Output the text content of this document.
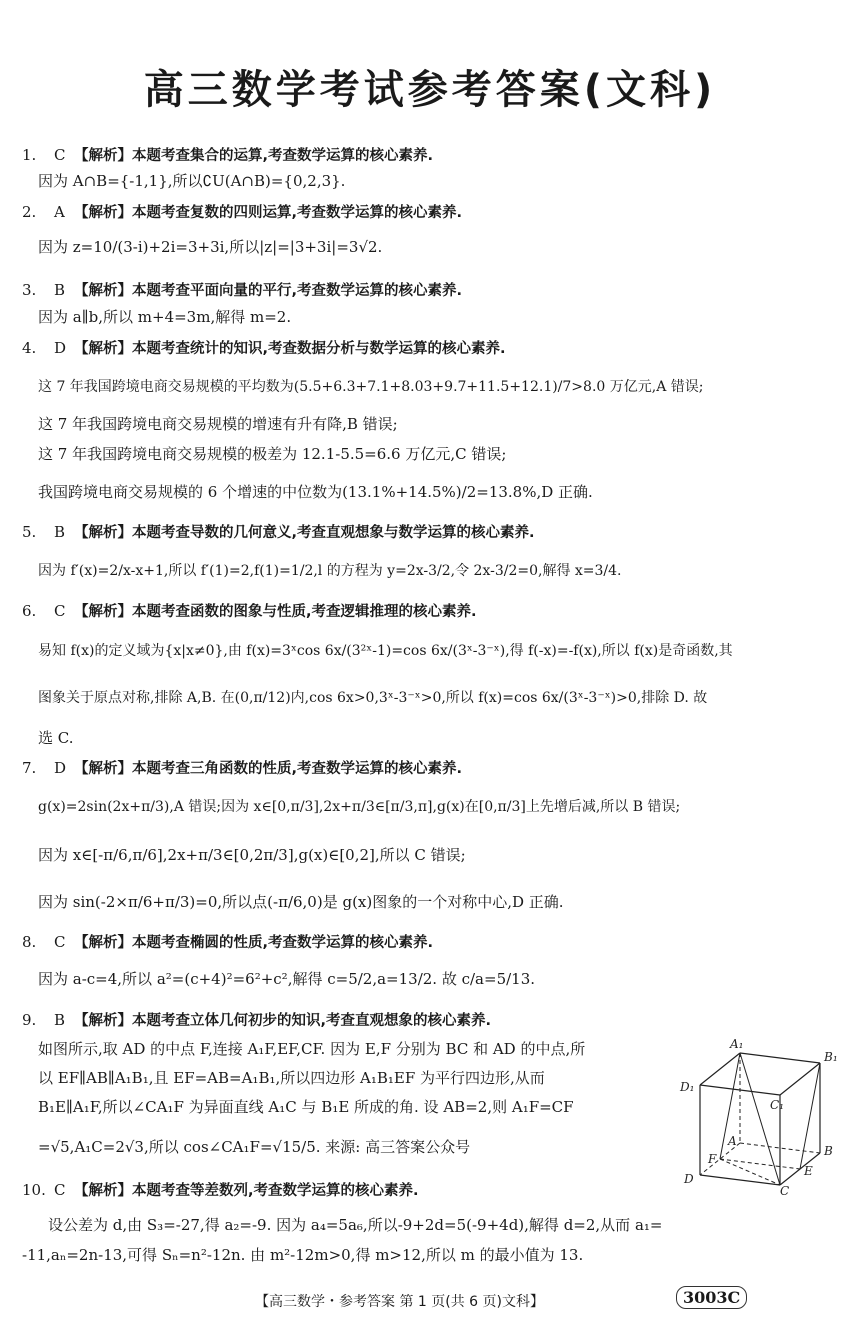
高三数学考试参考答案(文科)
1. C 【解析】本题考查集合的运算,考查数学运算的核心素养.
因为 A∩B={-1,1},所以∁U(A∩B)={0,2,3}.
2. A 【解析】本题考查复数的四则运算,考查数学运算的核心素养.
因为 z=10/(3-i)+2i=3+3i,所以|z|=|3+3i|=3√2.
3. B 【解析】本题考查平面向量的平行,考查数学运算的核心素养.
因为 a∥b,所以 m+4=3m,解得 m=2.
4. D 【解析】本题考查统计的知识,考查数据分析与数学运算的核心素养.
这 7 年我国跨境电商交易规模的平均数为(5.5+6.3+7.1+8.03+9.7+11.5+12.1)/7>8.0 万亿元,A 错误;
这 7 年我国跨境电商交易规模的增速有升有降,B 错误;
这 7 年我国跨境电商交易规模的极差为 12.1-5.5=6.6 万亿元,C 错误;
我国跨境电商交易规模的 6 个增速的中位数为(13.1%+14.5%)/2=13.8%,D 正确.
5. B 【解析】本题考查导数的几何意义,考查直观想象与数学运算的核心素养.
因为 f′(x)=2/x-x+1,所以 f′(1)=2,f(1)=1/2,l 的方程为 y=2x-3/2,令 2x-3/2=0,解得 x=3/4.
6. C 【解析】本题考查函数的图象与性质,考查逻辑推理的核心素养.
易知 f(x)的定义域为{x|x≠0},由 f(x)=3ˣcos 6x/(3²ˣ-1)=cos 6x/(3ˣ-3⁻ˣ),得 f(-x)=-f(x),所以 f(x)是奇函数,其
图象关于原点对称,排除 A,B. 在(0,π/12)内,cos 6x>0,3ˣ-3⁻ˣ>0,所以 f(x)=cos 6x/(3ˣ-3⁻ˣ)>0,排除 D. 故
选 C.
7. D 【解析】本题考查三角函数的性质,考查数学运算的核心素养.
g(x)=2sin(2x+π/3),A 错误;因为 x∈[0,π/3],2x+π/3∈[π/3,π],g(x)在[0,π/3]上先增后减,所以 B 错误;
因为 x∈[-π/6,π/6],2x+π/3∈[0,2π/3],g(x)∈[0,2],所以 C 错误;
因为 sin(-2×π/6+π/3)=0,所以点(-π/6,0)是 g(x)图象的一个对称中心,D 正确.
8. C 【解析】本题考查椭圆的性质,考查数学运算的核心素养.
因为 a-c=4,所以 a²=(c+4)²=6²+c²,解得 c=5/2,a=13/2. 故 c/a=5/13.
9. B 【解析】本题考查立体几何初步的知识,考查直观想象的核心素养.
如图所示,取 AD 的中点 F,连接 A₁F,EF,CF. 因为 E,F 分别为 BC 和 AD 的中点,所
以 EF∥AB∥A₁B₁,且 EF=AB=A₁B₁,所以四边形 A₁B₁EF 为平行四边形,从而
B₁E∥A₁F,所以∠CA₁F 为异面直线 A₁C 与 B₁E 所成的角. 设 AB=2,则 A₁F=CF
=√5,A₁C=2√3,所以 cos∠CA₁F=√15/5. 来源: 高三答案公众号
A₁
B₁
C₁
D₁
A
B
C
D
E
F
10. C 【解析】本题考查等差数列,考查数学运算的核心素养.
设公差为 d,由 S₃=-27,得 a₂=-9. 因为 a₄=5a₆,所以-9+2d=5(-9+4d),解得 d=2,从而 a₁=
-11,aₙ=2n-13,可得 Sₙ=n²-12n. 由 m²-12m>0,得 m>12,所以 m 的最小值为 13.
【高三数学・参考答案 第 1 页(共 6 页)文科】	3003C
